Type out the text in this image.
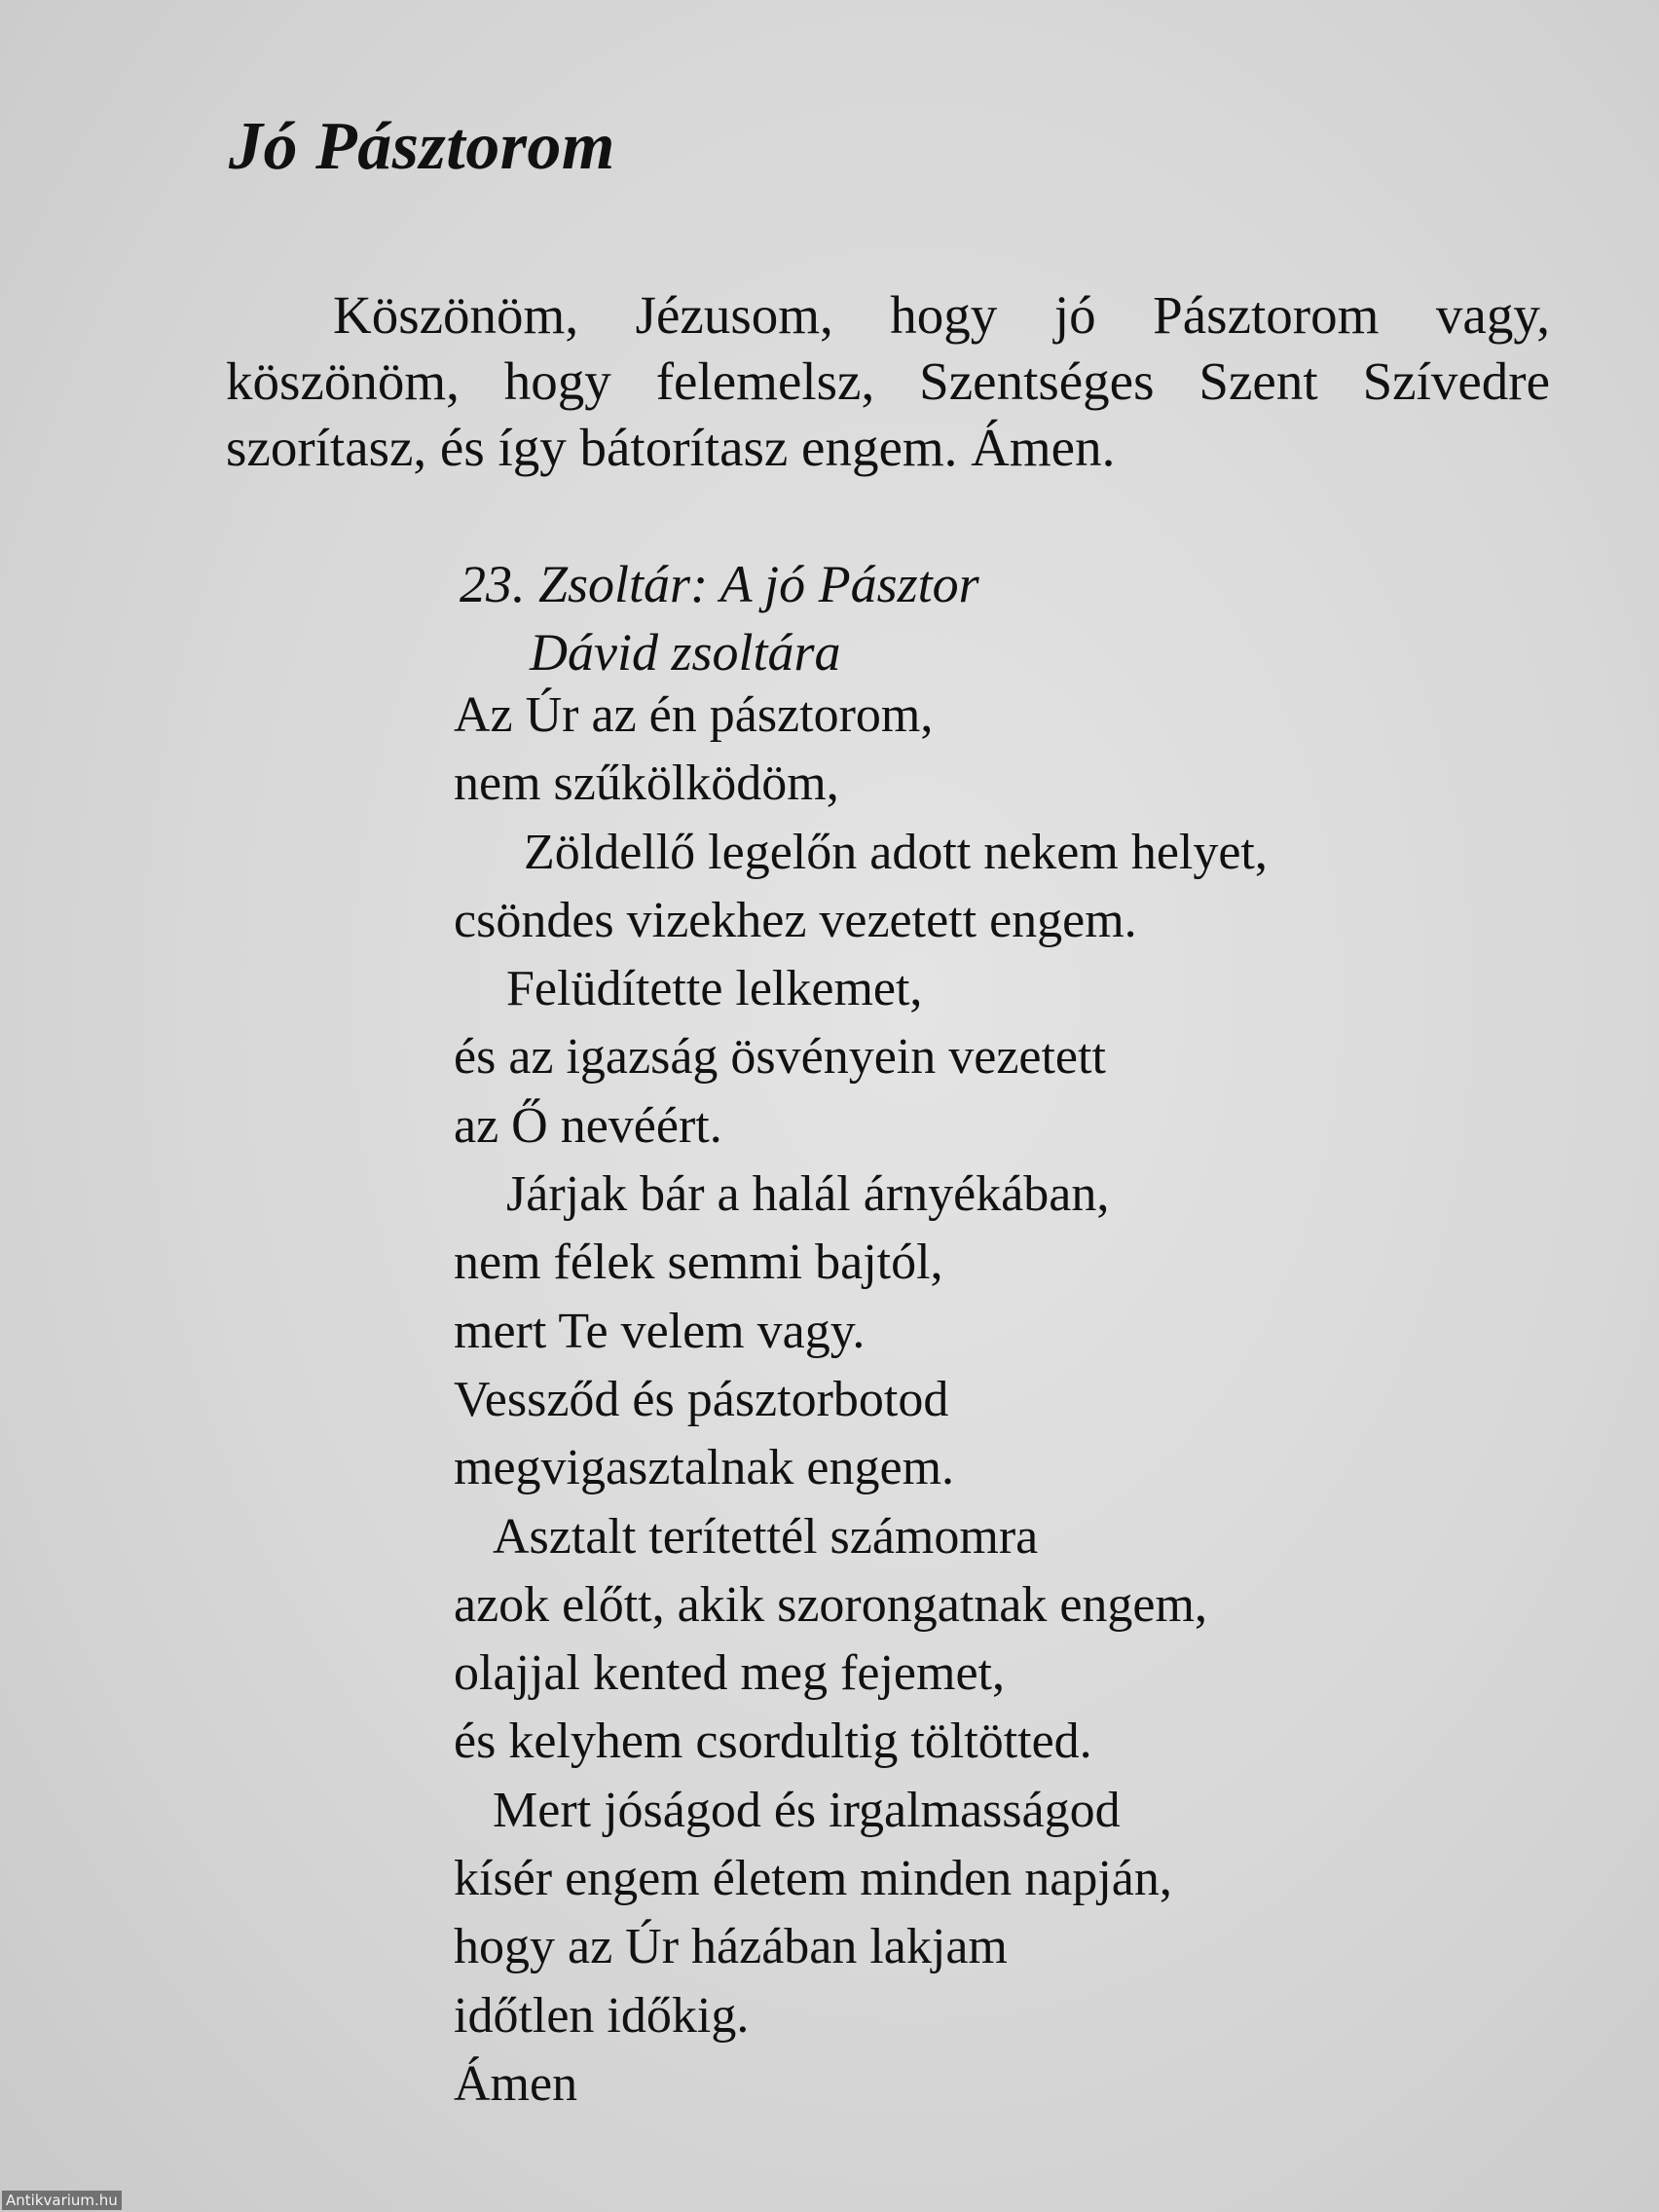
Jó Pásztorom

Köszönöm, Jézusom, hogy jó Pásztorom vagy, köszönöm, hogy felemelsz, Szentséges Szent Szívedre szorítasz, és így bátorítasz engem. Ámen.

23. Zsoltár: A jó Pásztor
Dávid zsoltára
Az Úr az én pásztorom,
nem szűkölködöm,
Zöldellő legelőn adott nekem helyet,
csöndes vizekhez vezetett engem.
Felüdítette lelkemet,
és az igazság ösvényein vezetett
az Ő nevéért.
Járjak bár a halál árnyékában,
nem félek semmi bajtól,
mert Te velem vagy.
Vessződ és pásztorbotod
megvigasztalnak engem.
Asztalt terítettél számomra
azok előtt, akik szorongatnak engem,
olajjal kented meg fejemet,
és kelyhem csordultig töltötted.
Mert jóságod és irgalmasságod
kísér engem életem minden napján,
hogy az Úr házában lakjam
időtlen időkig.
Ámen
Antikvarium.hu
